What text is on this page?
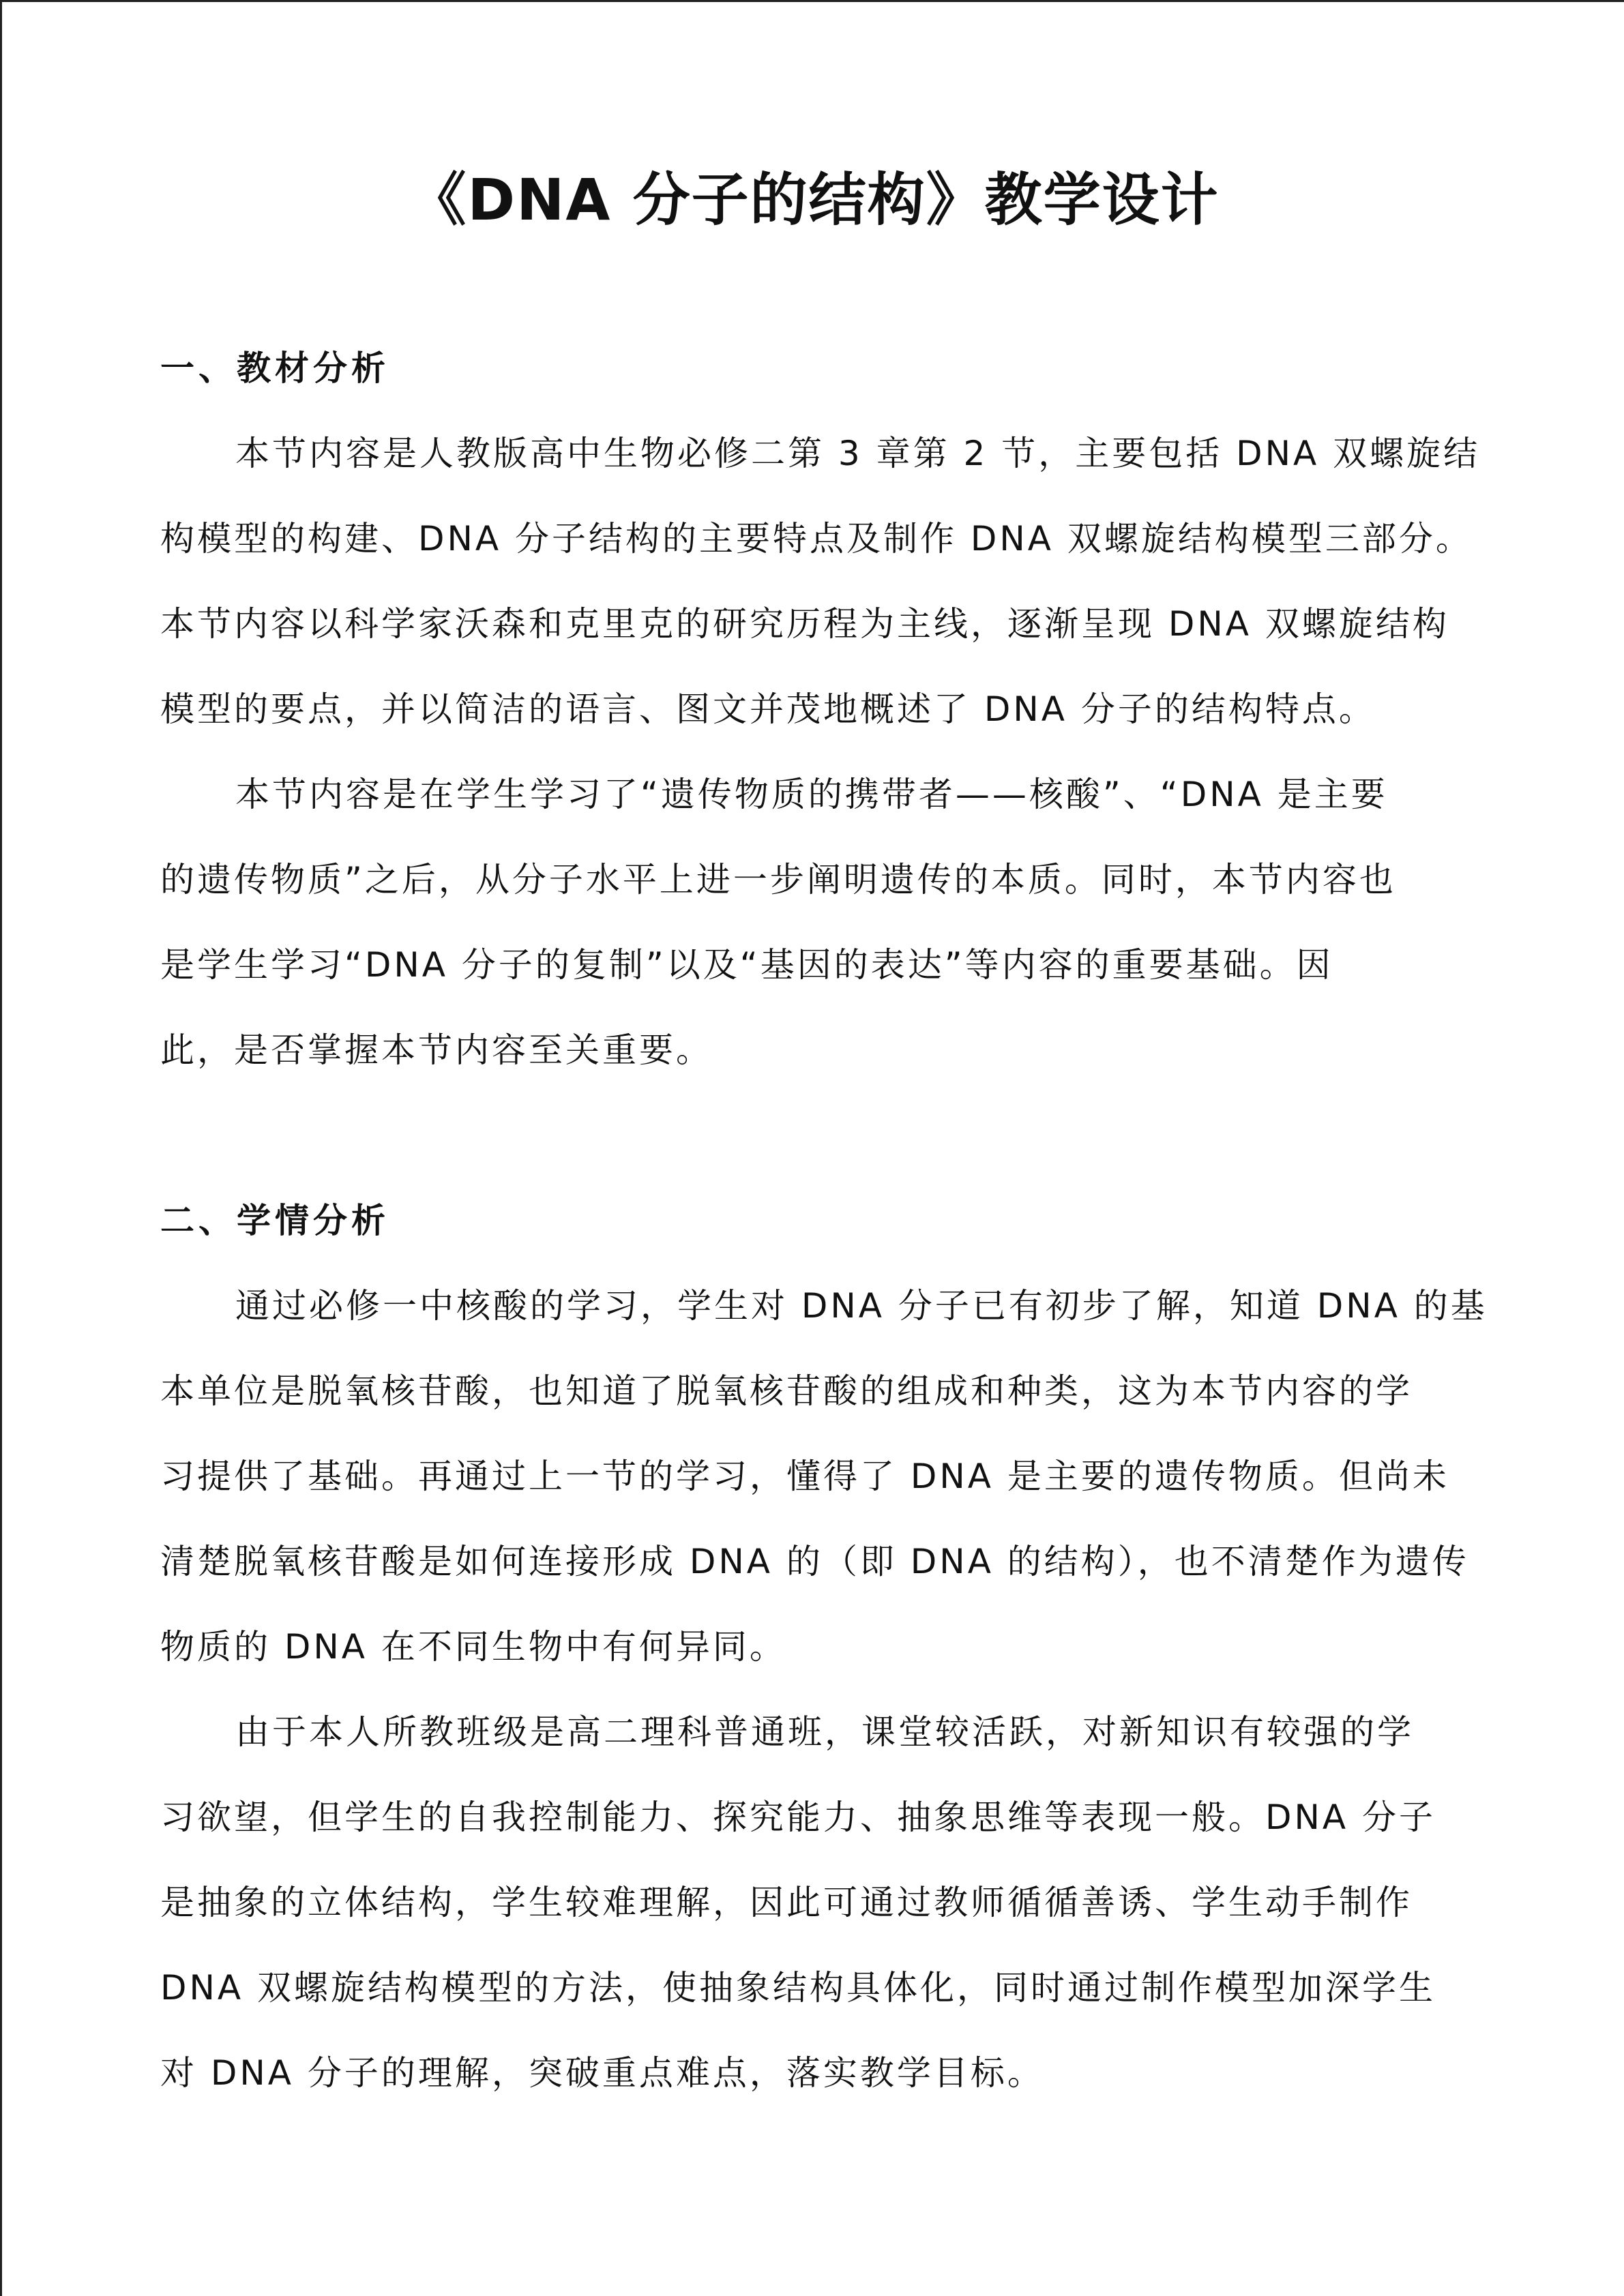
《DNA 分子的结构》教学设计
一、教材分析
本节内容是人教版高中生物必修二第 3 章第 2 节，主要包括 DNA 双螺旋结
构模型的构建、DNA 分子结构的主要特点及制作 DNA 双螺旋结构模型三部分。
本节内容以科学家沃森和克里克的研究历程为主线，逐渐呈现 DNA 双螺旋结构
模型的要点，并以简洁的语言、图文并茂地概述了 DNA 分子的结构特点。
本节内容是在学生学习了“遗传物质的携带者——核酸”、“DNA 是主要
的遗传物质”之后，从分子水平上进一步阐明遗传的本质。同时，本节内容也
是学生学习“DNA 分子的复制”以及“基因的表达”等内容的重要基础。因
此，是否掌握本节内容至关重要。
二、学情分析
通过必修一中核酸的学习，学生对 DNA 分子已有初步了解，知道 DNA 的基
本单位是脱氧核苷酸，也知道了脱氧核苷酸的组成和种类，这为本节内容的学
习提供了基础。再通过上一节的学习，懂得了 DNA 是主要的遗传物质。但尚未
清楚脱氧核苷酸是如何连接形成 DNA 的（即 DNA 的结构），也不清楚作为遗传
物质的 DNA 在不同生物中有何异同。
由于本人所教班级是高二理科普通班，课堂较活跃，对新知识有较强的学
习欲望，但学生的自我控制能力、探究能力、抽象思维等表现一般。DNA 分子
是抽象的立体结构，学生较难理解，因此可通过教师循循善诱、学生动手制作
DNA 双螺旋结构模型的方法，使抽象结构具体化，同时通过制作模型加深学生
对 DNA 分子的理解，突破重点难点，落实教学目标。
